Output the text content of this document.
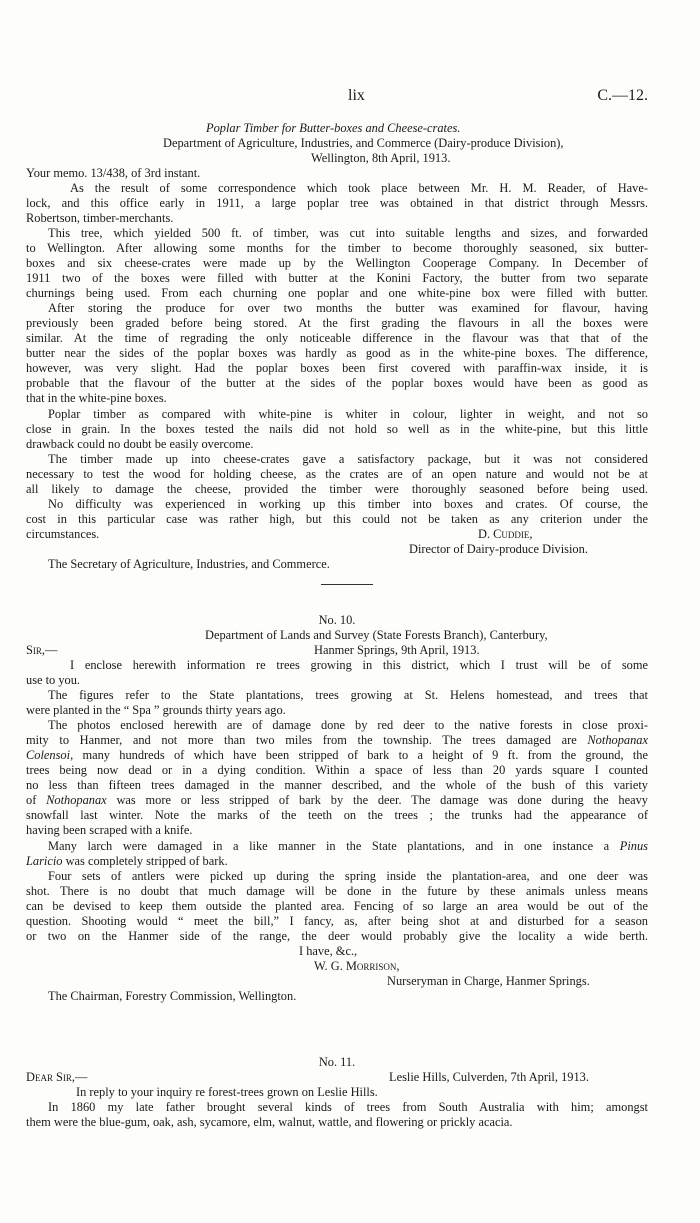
lix	C.—12.

Poplar Timber for Butter-boxes and Cheese-crates.

Department of Agriculture, Industries, and Commerce (Dairy-produce Division),

Wellington, 8th April, 1913.

Your memo. 13/438, of 3rd instant.

As the result of some correspondence which took place between Mr. H. M. Reader, of Have-

lock, and this office early in 1911, a large poplar tree was obtained in that district through Messrs.

Robertson, timber-merchants.

This tree, which yielded 500 ft. of timber, was cut into suitable lengths and sizes, and forwarded

to Wellington. After allowing some months for the timber to become thoroughly seasoned, six butter-

boxes and six cheese-crates were made up by the Wellington Cooperage Company. In December of

1911 two of the boxes were filled with butter at the Konini Factory, the butter from two separate

churnings being used. From each churning one poplar and one white-pine box were filled with butter.

After storing the produce for over two months the butter was examined for flavour, having

previously been graded before being stored. At the first grading the flavours in all the boxes were

similar. At the time of regrading the only noticeable difference in the flavour was that that of the

butter near the sides of the poplar boxes was hardly as good as in the white-pine boxes. The difference,

however, was very slight. Had the poplar boxes been first covered with paraffin-wax inside, it is

probable that the flavour of the butter at the sides of the poplar boxes would have been as good as

that in the white-pine boxes.

Poplar timber as compared with white-pine is whiter in colour, lighter in weight, and not so

close in grain. In the boxes tested the nails did not hold so well as in the white-pine, but this little

drawback could no doubt be easily overcome.

The timber made up into cheese-crates gave a satisfactory package, but it was not considered

necessary to test the wood for holding cheese, as the crates are of an open nature and would not be at

all likely to damage the cheese, provided the timber were thoroughly seasoned before being used.

No difficulty was experienced in working up this timber into boxes and crates. Of course, the

cost in this particular case was rather high, but this could not be taken as any criterion under the

circumstances.	D. Cuddie,

Director of Dairy-produce Division.

The Secretary of Agriculture, Industries, and Commerce.

No. 10.

Department of Lands and Survey (State Forests Branch), Canterbury,

Sir,—	Hanmer Springs, 9th April, 1913.

I enclose herewith information re trees growing in this district, which I trust will be of some

use to you.

The figures refer to the State plantations, trees growing at St. Helens homestead, and trees that

were planted in the “ Spa ” grounds thirty years ago.

The photos enclosed herewith are of damage done by red deer to the native forests in close proxi-

mity to Hanmer, and not more than two miles from the township. The trees damaged are Nothopanax

Colensoi, many hundreds of which have been stripped of bark to a height of 9 ft. from the ground, the

trees being now dead or in a dying condition. Within a space of less than 20 yards square I counted

no less than fifteen trees damaged in the manner described, and the whole of the bush of this variety

of Nothopanax was more or less stripped of bark by the deer. The damage was done during the heavy

snowfall last winter. Note the marks of the teeth on the trees ; the trunks had the appearance of

having been scraped with a knife.

Many larch were damaged in a like manner in the State plantations, and in one instance a Pinus

Laricio was completely stripped of bark.

Four sets of antlers were picked up during the spring inside the plantation-area, and one deer was

shot. There is no doubt that much damage will be done in the future by these animals unless means

can be devised to keep them outside the planted area. Fencing of so large an area would be out of the

question. Shooting would “ meet the bill,” I fancy, as, after being shot at and disturbed for a season

or two on the Hanmer side of the range, the deer would probably give the locality a wide berth.

I have, &c.,

W. G. Morrison,

Nurseryman in Charge, Hanmer Springs.

The Chairman, Forestry Commission, Wellington.

No. 11.

Dear Sir,—	Leslie Hills, Culverden, 7th April, 1913.

In reply to your inquiry re forest-trees grown on Leslie Hills.

In 1860 my late father brought several kinds of trees from South Australia with him; amongst

them were the blue-gum, oak, ash, sycamore, elm, walnut, wattle, and flowering or prickly acacia.
